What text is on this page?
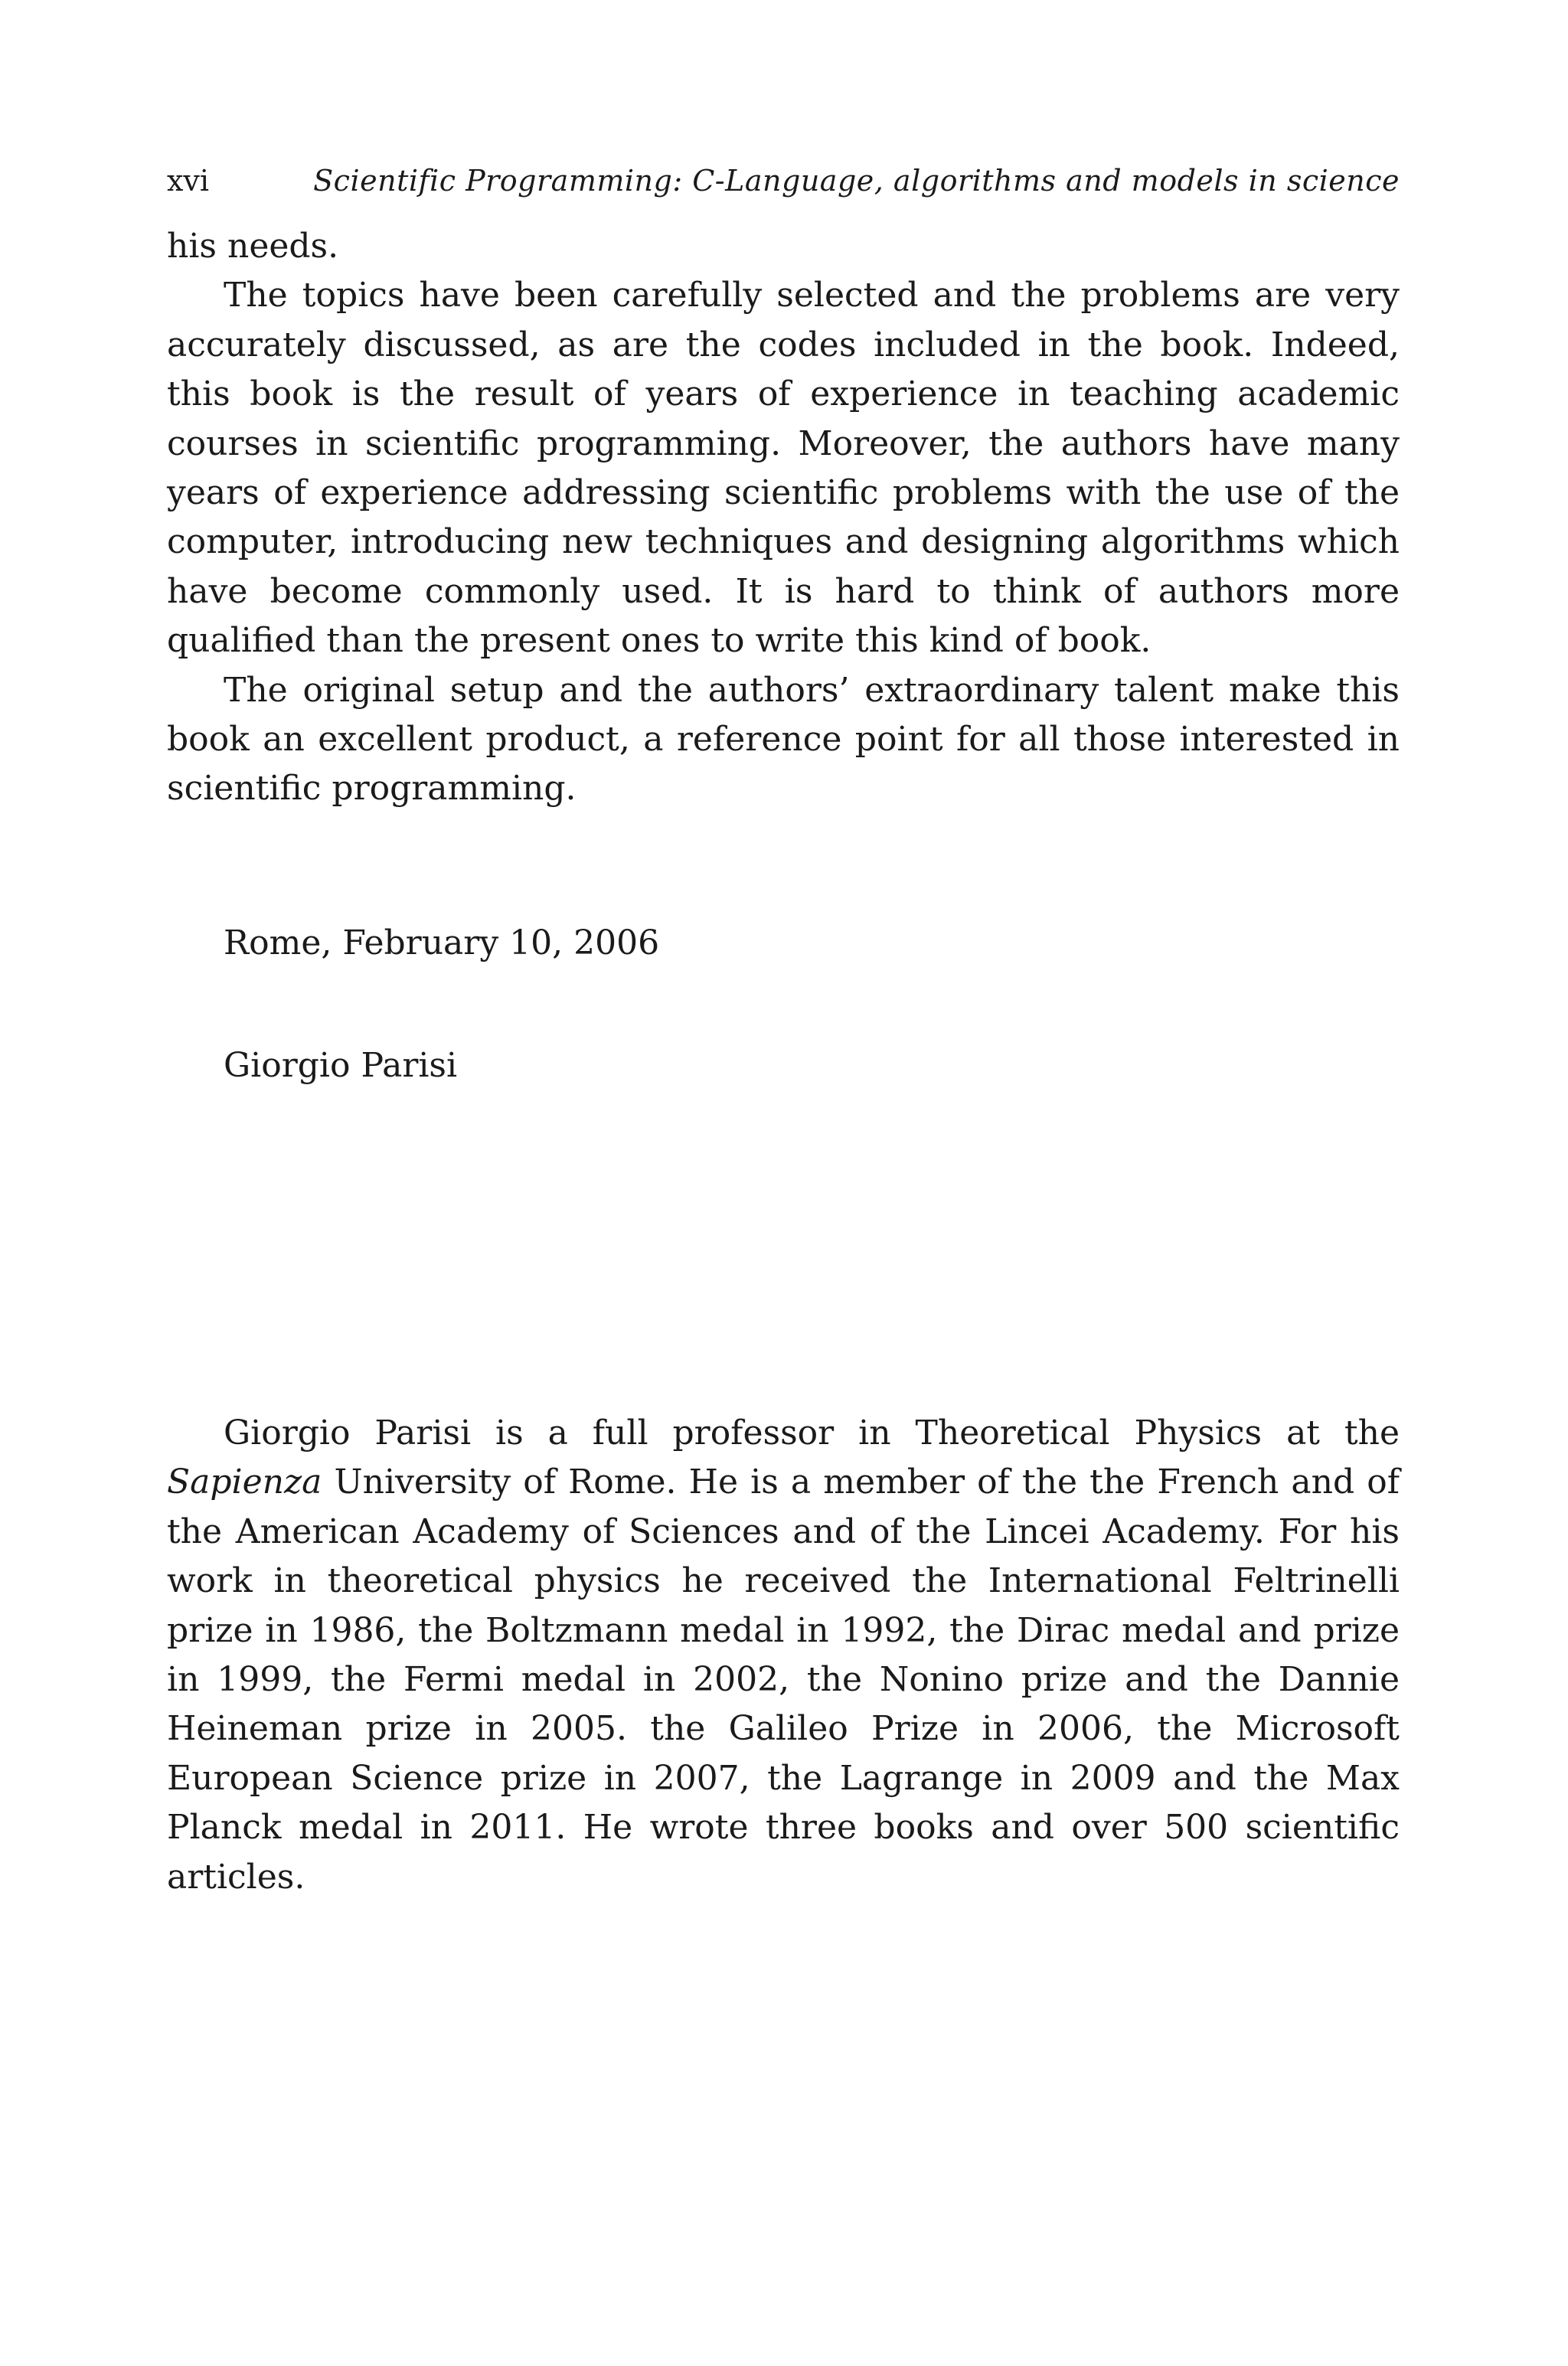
xvi	Scientific Programming: C-Language, algorithms and models in science

his needs.

The topics have been carefully selected and the problems are very accurately discussed, as are the codes included in the book. Indeed, this book is the result of years of experience in teaching academic courses in scientific programming. Moreover, the authors have many years of experience addressing scientific problems with the use of the computer, introducing new techniques and designing algorithms which have become commonly used. It is hard to think of authors more qualified than the present ones to write this kind of book.

The original setup and the authors’ extraordinary talent make this book an excellent product, a reference point for all those interested in scientific programming.

Rome, February 10, 2006
Giorgio Parisi

Giorgio Parisi is a full professor in Theoretical Physics at the Sapienza University of Rome. He is a member of the the French and of the American Academy of Sciences and of the Lincei Academy. For his work in theoretical physics he received the International Feltrinelli prize in 1986, the Boltzmann medal in 1992, the Dirac medal and prize in 1999, the Fermi medal in 2002, the Nonino prize and the Dannie Heineman prize in 2005. the Galileo Prize in 2006, the Microsoft European Science prize in 2007, the Lagrange in 2009 and the Max Planck medal in 2011. He wrote three books and over 500 scientific articles.
